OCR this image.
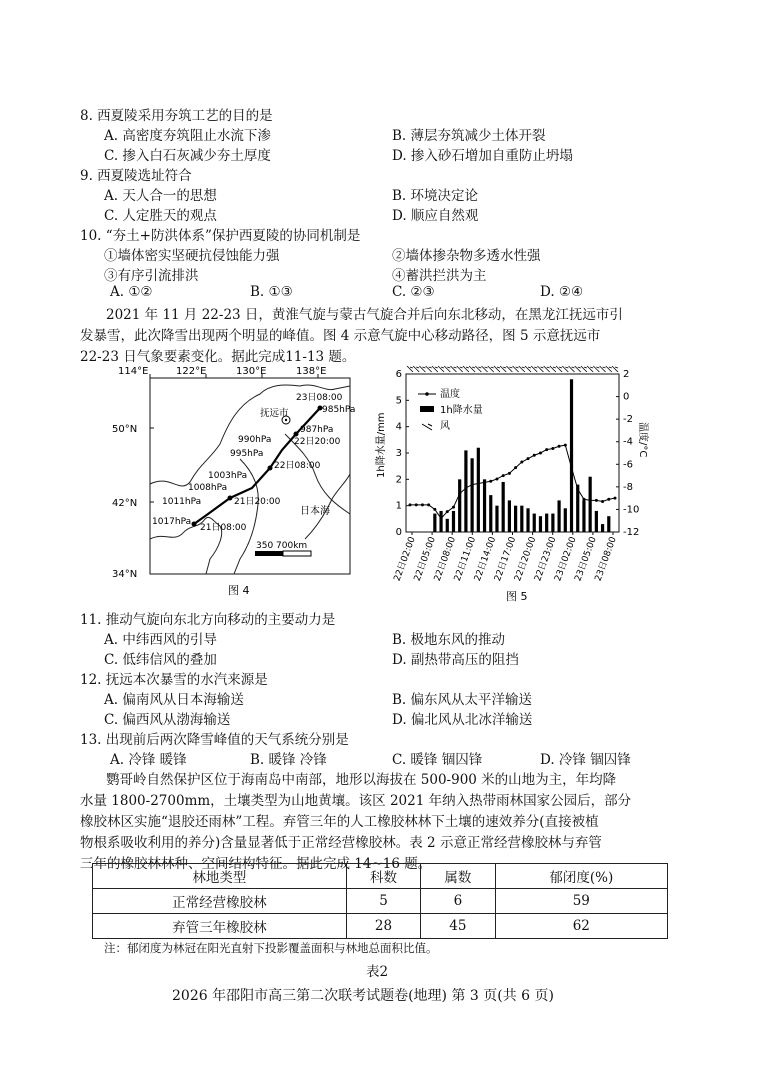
8. 西夏陵采用夯筑工艺的目的是
A. 高密度夯筑阻止水流下渗	B. 薄层夯筑减少土体开裂
C. 掺入白石灰减少夯土厚度	D. 掺入砂石增加自重防止坍塌
9. 西夏陵选址符合
A. 天人合一的思想	B. 环境决定论
C. 人定胜天的观点	D. 顺应自然观
10. “夯土+防洪体系”保护西夏陵的协同机制是
①墙体密实坚硬抗侵蚀能力强	②墙体掺杂物多透水性强
③有序引流排洪	④蓄洪拦洪为主
A. ①②	B. ①③	C. ②③	D. ②④
2021 年 11 月 22-23 日，黄淮气旋与蒙古气旋合并后向东北移动，在黑龙江抚远市引
发暴雪，此次降雪出现两个明显的峰值。图 4 示意气旋中心移动路径，图 5 示意抚远市
22-23 日气象要素变化。据此完成11-13 题。
114°E	122°E	130°E	138°E
50°N
42°N
34°N
抚远市
23日08:00
985hPa
987hPa
22日20:00
990hPa
995hPa
22日08:00
1003hPa
1008hPa
21日20:00
1011hPa
1017hPa
21日08:00
日本海
350 700km
图 4
1h降水量/mm	温度/°C
温度
1h降水量
风
图 5
0
1
2
3
4
5
6	2
0
-2
-4
-6
-8
-10
-12
22日02:00
22日05:00
22日08:00
22日11:00
22日14:00
22日17:00
22日20:00
22日23:00
23日02:00
23日05:00
23日08:00
11. 推动气旋向东北方向移动的主要动力是
A. 中纬西风的引导	B. 极地东风的推动
C. 低纬信风的叠加	D. 副热带高压的阻挡
12. 抚远本次暴雪的水汽来源是
A. 偏南风从日本海输送	B. 偏东风从太平洋输送
C. 偏西风从渤海输送	D. 偏北风从北冰洋输送
13. 出现前后两次降雪峰值的天气系统分别是
A. 冷锋 暖锋	B. 暖锋 冷锋	C. 暖锋 锢囚锋	D. 冷锋 锢囚锋
鹦哥岭自然保护区位于海南岛中南部，地形以海拔在 500-900 米的山地为主，年均降
水量 1800-2700mm，土壤类型为山地黄壤。该区 2021 年纳入热带雨林国家公园后，部分
橡胶林区实施“退胶还雨林”工程。弃管三年的人工橡胶林林下土壤的速效养分(直接被植
物根系吸收利用的养分)含量显著低于正常经营橡胶林。表 2 示意正常经营橡胶林与弃管
三年的橡胶林林种、空间结构特征。据此完成 14~16 题。
林地类型	科数	属数	郁闭度(%)
正常经营橡胶林	5	6	59
弃管三年橡胶林	28	45	62
注：郁闭度为林冠在阳光直射下投影覆盖面积与林地总面积比值。
表2
2026 年邵阳市高三第二次联考试题卷(地理) 第 3 页(共 6 页)
